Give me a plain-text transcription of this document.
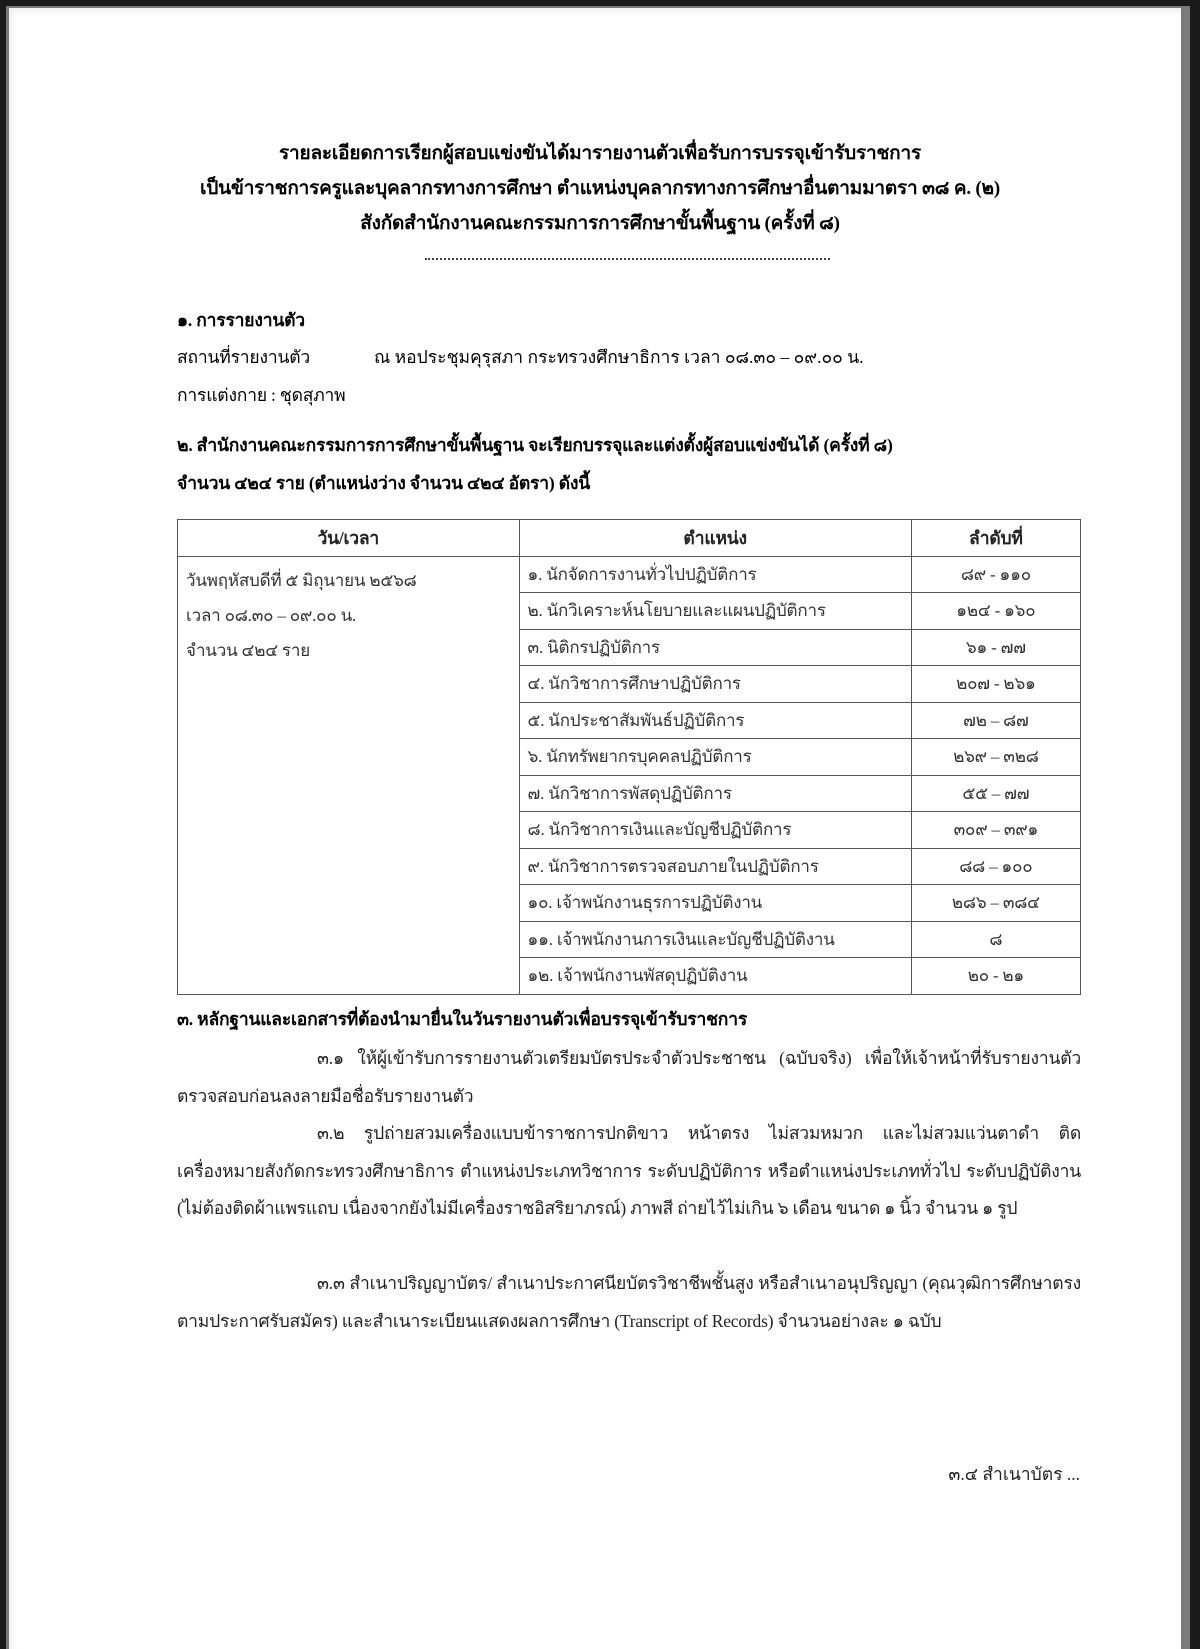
รายละเอียดการเรียกผู้สอบแข่งขันได้มารายงานตัวเพื่อรับการบรรจุเข้ารับราชการ
เป็นข้าราชการครูและบุคลากรทางการศึกษา ตำแหน่งบุคลากรทางการศึกษาอื่นตามมาตรา ๓๘ ค. (๒)
สังกัดสำนักงานคณะกรรมการการศึกษาขั้นพื้นฐาน (ครั้งที่ ๘)
๑. การรายงานตัว
สถานที่รายงานตัว	ณ หอประชุมคุรุสภา กระทรวงศึกษาธิการ เวลา ๐๘.๓๐ – ๐๙.๐๐ น.
การแต่งกาย : ชุดสุภาพ
๒. สำนักงานคณะกรรมการการศึกษาขั้นพื้นฐาน จะเรียกบรรจุและแต่งตั้งผู้สอบแข่งขันได้ (ครั้งที่ ๘)
จำนวน ๔๒๔ ราย (ตำแหน่งว่าง จำนวน ๔๒๔ อัตรา) ดังนี้
วัน/เวลา	ตำแหน่ง	ลำดับที่

วันพฤหัสบดีที่ ๕ มิถุนายน ๒๕๖๘
เวลา ๐๘.๓๐ – ๐๙.๐๐ น.
จำนวน ๔๒๔ ราย	๑. นักจัดการงานทั่วไปปฏิบัติการ	๘๙ - ๑๑๐
	๒. นักวิเคราะห์นโยบายและแผนปฏิบัติการ	๑๒๔ - ๑๖๐
	๓. นิติกรปฏิบัติการ	๖๑ - ๗๗
	๔. นักวิชาการศึกษาปฏิบัติการ	๒๐๗ - ๒๖๑
	๕. นักประชาสัมพันธ์ปฏิบัติการ	๗๒ – ๘๗
	๖. นักทรัพยากรบุคคลปฏิบัติการ	๒๖๙ – ๓๒๘
	๗. นักวิชาการพัสดุปฏิบัติการ	๕๕ – ๗๗
	๘. นักวิชาการเงินและบัญชีปฏิบัติการ	๓๐๙ – ๓๙๑
	๙. นักวิชาการตรวจสอบภายในปฏิบัติการ	๘๘ – ๑๐๐
	๑๐. เจ้าพนักงานธุรการปฏิบัติงาน	๒๘๖ – ๓๘๔
	๑๑. เจ้าพนักงานการเงินและบัญชีปฏิบัติงาน	๘
	๑๒. เจ้าพนักงานพัสดุปฏิบัติงาน	๒๐ - ๒๑
๓. หลักฐานและเอกสารที่ต้องนำมายื่นในวันรายงานตัวเพื่อบรรจุเข้ารับราชการ
๓.๑ ให้ผู้เข้ารับการรายงานตัวเตรียมบัตรประจำตัวประชาชน (ฉบับจริง) เพื่อให้เจ้าหน้าที่รับรายงานตัวตรวจสอบก่อนลงลายมือชื่อรับรายงานตัว
๓.๒ รูปถ่ายสวมเครื่องแบบข้าราชการปกติขาว หน้าตรง ไม่สวมหมวก และไม่สวมแว่นตาดำ ติดเครื่องหมายสังกัดกระทรวงศึกษาธิการ ตำแหน่งประเภทวิชาการ ระดับปฏิบัติการ หรือตำแหน่งประเภททั่วไป ระดับปฏิบัติงาน (ไม่ต้องติดผ้าแพรแถบ เนื่องจากยังไม่มีเครื่องราชอิสริยาภรณ์) ภาพสี ถ่ายไว้ไม่เกิน ๖ เดือน ขนาด ๑ นิ้ว จำนวน ๑ รูป
๓.๓ สำเนาปริญญาบัตร/ สำเนาประกาศนียบัตรวิชาชีพชั้นสูง หรือสำเนาอนุปริญญา (คุณวุฒิการศึกษาตรงตามประกาศรับสมัคร) และสำเนาระเบียนแสดงผลการศึกษา (Transcript of Records) จำนวนอย่างละ ๑ ฉบับ
๓.๔ สำเนาบัตร ...
